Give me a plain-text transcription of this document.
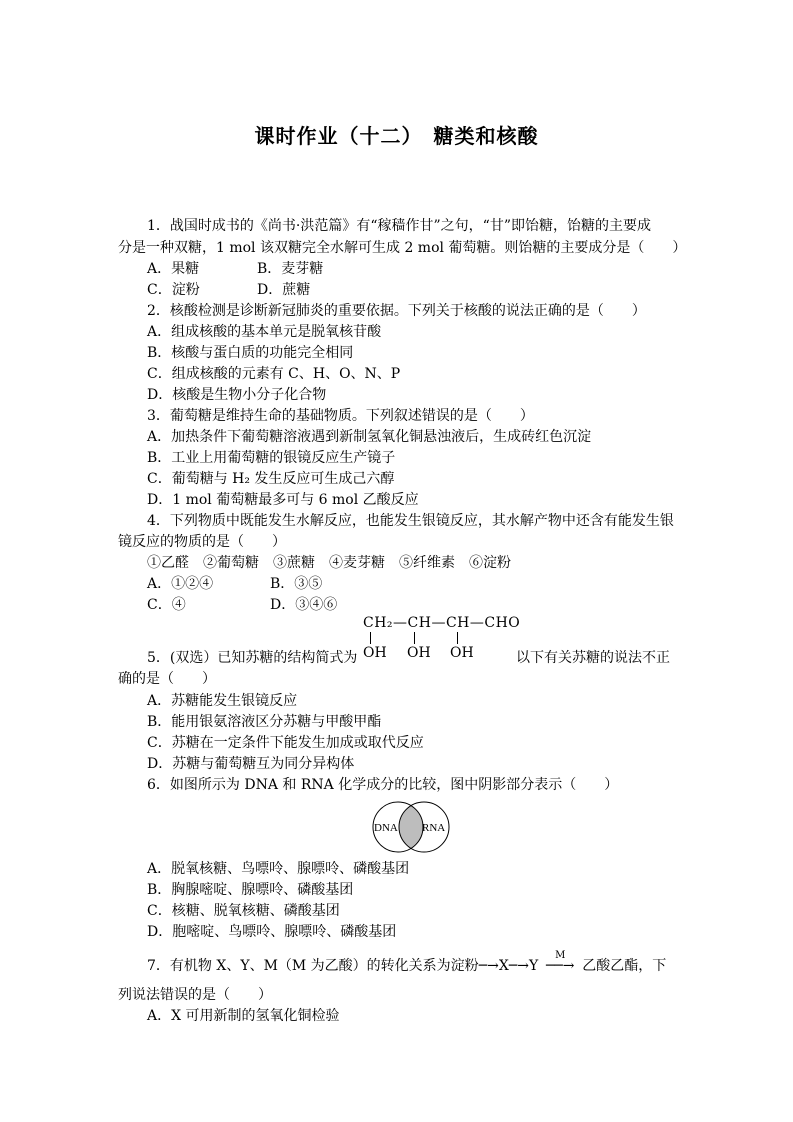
课时作业（十二）　糖类和核酸
1．战国时成书的《尚书·洪范篇》有“稼穑作甘”之句，“甘”即饴糖，饴糖的主要成
分是一种双糖，1 mol 该双糖完全水解可生成 2 mol 葡萄糖。则饴糖的主要成分是（　　）
A．果糖	B．麦芽糖
C．淀粉	D．蔗糖
2．核酸检测是诊断新冠肺炎的重要依据。下列关于核酸的说法正确的是（　　）
A．组成核酸的基本单元是脱氧核苷酸
B．核酸与蛋白质的功能完全相同
C．组成核酸的元素有 C、H、O、N、P
D．核酸是生物小分子化合物
3．葡萄糖是维持生命的基础物质。下列叙述错误的是（　　）
A．加热条件下葡萄糖溶液遇到新制氢氧化铜悬浊液后，生成砖红色沉淀
B．工业上用葡萄糖的银镜反应生产镜子
C．葡萄糖与 H₂ 发生反应可生成己六醇
D．1 mol 葡萄糖最多可与 6 mol 乙酸反应
4．下列物质中既能发生水解反应，也能发生银镜反应，其水解产物中还含有能发生银
镜反应的物质的是（　　）
①乙醛　②葡萄糖　③蔗糖　④麦芽糖　⑤纤维素　⑥淀粉
A．①②④	B．③⑤
C．④	D．③④⑥
CH₂—CH—CH—CHO
OH OH OH
5．(双选）已知苏糖的结构简式为	以下有关苏糖的说法不正
确的是（　　）
A．苏糖能发生银镜反应
B．能用银氨溶液区分苏糖与甲酸甲酯
C．苏糖在一定条件下能发生加成或取代反应
D．苏糖与葡萄糖互为同分异构体
6．如图所示为 DNA 和 RNA 化学成分的比较，图中阴影部分表示（　　）
DNA RNA
A．脱氧核糖、鸟嘌呤、腺嘌呤、磷酸基团
B．胸腺嘧啶、腺嘌呤、磷酸基团
C．核糖、脱氧核糖、磷酸基团
D．胞嘧啶、鸟嘌呤、腺嘌呤、磷酸基团
7．有机物 X、Y、M（M 为乙酸）的转化关系为淀粉─→X─→Y
M
──→ 乙酸乙酯，下
列说法错误的是（　　）
A．X 可用新制的氢氧化铜检验
